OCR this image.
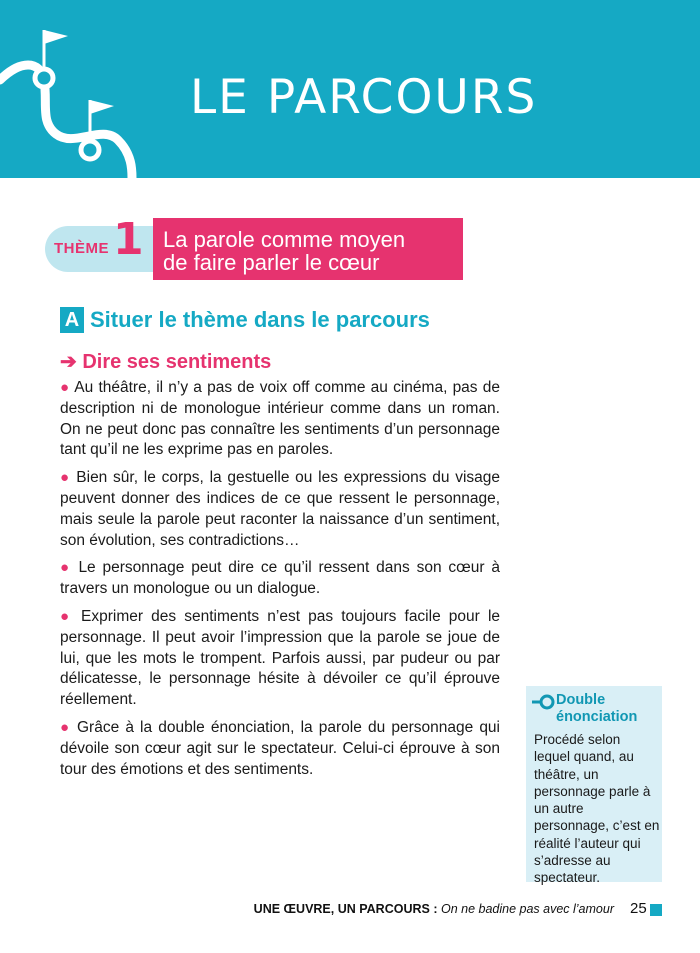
LE PARCOURS
THÈME 1 La parole comme moyen
de faire parler le cœur
A Situer le thème dans le parcours
➔ Dire ses sentiments

● Au théâtre, il n’y a pas de voix off comme au cinéma, pas de description ni de monologue intérieur comme dans un roman. On ne peut donc pas connaître les sentiments d’un personnage tant qu’il ne les exprime pas en paroles.

● Bien sûr, le corps, la gestuelle ou les expressions du visage peuvent donner des indices de ce que ressent le personnage, mais seule la parole peut raconter la naissance d’un sentiment, son évolution, ses contradictions…

● Le personnage peut dire ce qu’il ressent dans son cœur à travers un monologue ou un dialogue.

● Exprimer des sentiments n’est pas toujours facile pour le personnage. Il peut avoir l’impression que la parole se joue de lui, que les mots le trompent. Parfois aussi, par pudeur ou par délicatesse, le personnage hésite à dévoiler ce qu’il éprouve réellement.

● Grâce à la double énonciation, la parole du personnage qui dévoile son cœur agit sur le spectateur. Celui-ci éprouve à son tour des émotions et des sentiments.

Double
énonciation
Procédé selon lequel quand, au théâtre, un personnage parle à un autre personnage, c’est en réalité l’auteur qui s’adresse au spectateur.
UNE ŒUVRE, UN PARCOURS : On ne badine pas avec l’amour 25
